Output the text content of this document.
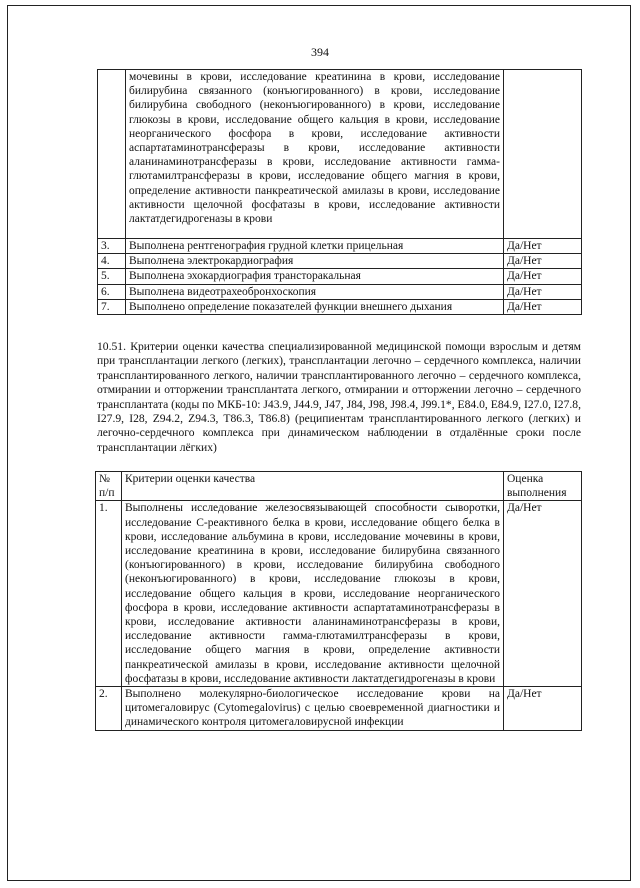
394
	мочевины в крови, исследование креатинина в крови, исследование билирубина связанного (конъюгированного) в крови, исследование билирубина свободного (неконъюгированного) в крови, исследование глюкозы в крови, исследование общего кальция в крови, исследование неорганического фосфора в крови, исследование активности аспартатаминотрансферазы в крови, исследование активности аланинаминотрансферазы в крови, исследование активности гамма-глютамилтрансферазы в крови, исследование общего магния в крови, определение активности панкреатической амилазы в крови, исследование активности щелочной фосфатазы в крови, исследование активности лактатдегидрогеназы в крови	
3.	Выполнена рентгенография грудной клетки прицельная	Да/Нет
4.	Выполнена электрокардиография	Да/Нет
5.	Выполнена эхокардиография трансторакальная	Да/Нет
6.	Выполнена видеотрахеобронхоскопия	Да/Нет
7.	Выполнено определение показателей функции внешнего дыхания	Да/Нет
10.51. Критерии оценки качества специализированной медицинской помощи взрослым и детям при трансплантации легкого (легких), трансплантации легочно – сердечного комплекса, наличии трансплантированного легкого, наличии трансплантированного легочно – сердечного комплекса, отмирании и отторжении трансплантата легкого, отмирании и отторжении легочно – сердечного трансплантата (коды по МКБ-10: J43.9, J44.9, J47, J84, J98, J98.4, J99.1*, E84.0, E84.9, I27.0, I27.8, I27.9, I28, Z94.2, Z94.3, T86.3, T86.8) (реципиентам трансплантированного легкого (легких) и легочно-сердечного комплекса при динамическом наблюдении в отдалённые сроки после трансплантации лёгких)
№ п/п	Критерии оценки качества	Оценка выполнения
1.	Выполнены исследование железосвязывающей способности сыворотки, исследование С-реактивного белка в крови, исследование общего белка в крови, исследование альбумина в крови, исследование мочевины в крови, исследование креатинина в крови, исследование билирубина связанного (конъюгированного) в крови, исследование билирубина свободного (неконъюгированного) в крови, исследование глюкозы в крови, исследование общего кальция в крови, исследование неорганического фосфора в крови, исследование активности аспартатаминотрансферазы в крови, исследование активности аланинаминотрансферазы в крови, исследование активности гамма-глютамилтрансферазы в крови, исследование общего магния в крови, определение активности панкреатической амилазы в крови, исследование активности щелочной фосфатазы в крови, исследование активности лактатдегидрогеназы в крови	Да/Нет
2.	Выполнено молекулярно-биологическое исследование крови на цитомегаловирус (Cytomegalovirus) с целью своевременной диагностики и динамического контроля цитомегаловирусной инфекции	Да/Нет
